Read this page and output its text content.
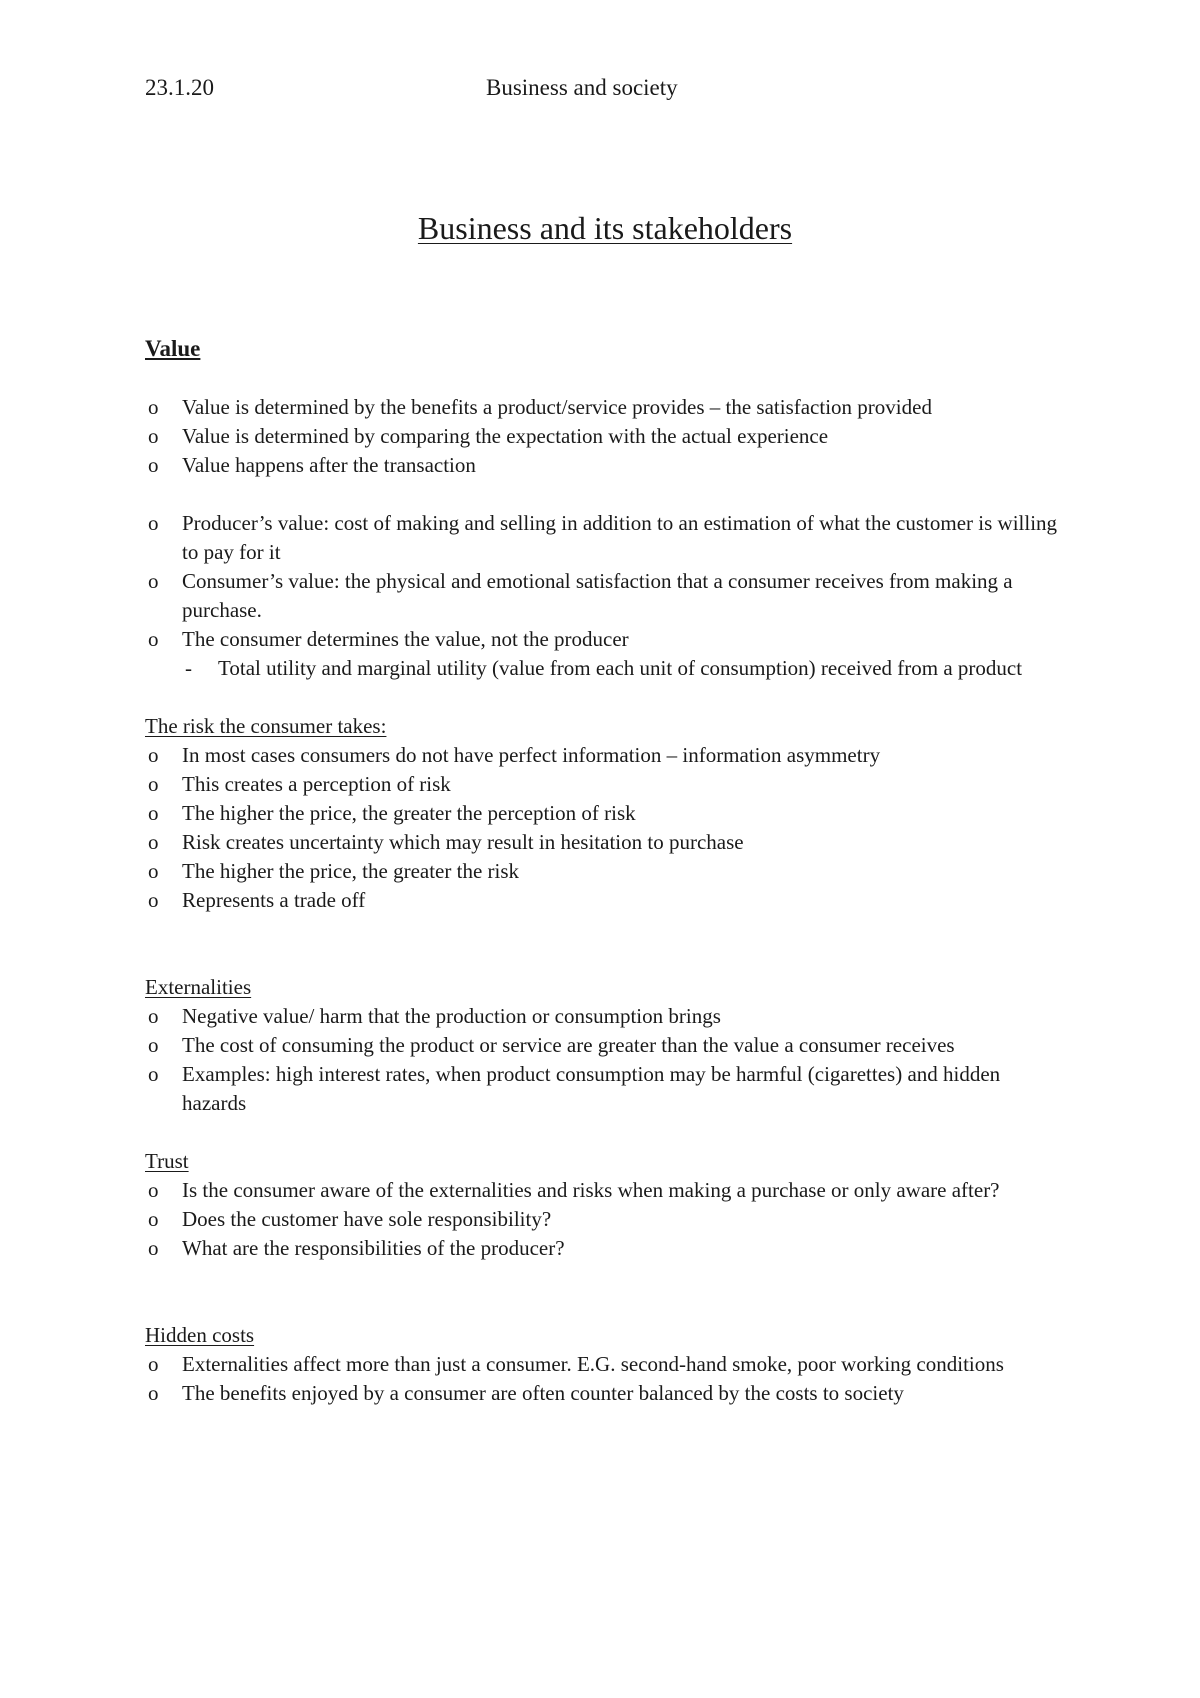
23.1.20	Business and society
Business and its stakeholders

Value

o Value is determined by the benefits a product/service provides – the satisfaction provided
o Value is determined by comparing the expectation with the actual experience
o Value happens after the transaction
o Producer’s value: cost of making and selling in addition to an estimation of what the customer is willing to pay for it
o Consumer’s value: the physical and emotional satisfaction that a consumer receives from making a purchase.
o The consumer determines the value, not the producer
- Total utility and marginal utility (value from each unit of consumption) received from a product

The risk the consumer takes:

o In most cases consumers do not have perfect information – information asymmetry
o This creates a perception of risk
o The higher the price, the greater the perception of risk
o Risk creates uncertainty which may result in hesitation to purchase
o The higher the price, the greater the risk
o Represents a trade off

Externalities

o Negative value/ harm that the production or consumption brings
o The cost of consuming the product or service are greater than the value a consumer receives
o Examples: high interest rates, when product consumption may be harmful (cigarettes) and hidden hazards

Trust

o Is the consumer aware of the externalities and risks when making a purchase or only aware after?
o Does the customer have sole responsibility?
o What are the responsibilities of the producer?

Hidden costs

o Externalities affect more than just a consumer. E.G. second-hand smoke, poor working conditions
o The benefits enjoyed by a consumer are often counter balanced by the costs to society
